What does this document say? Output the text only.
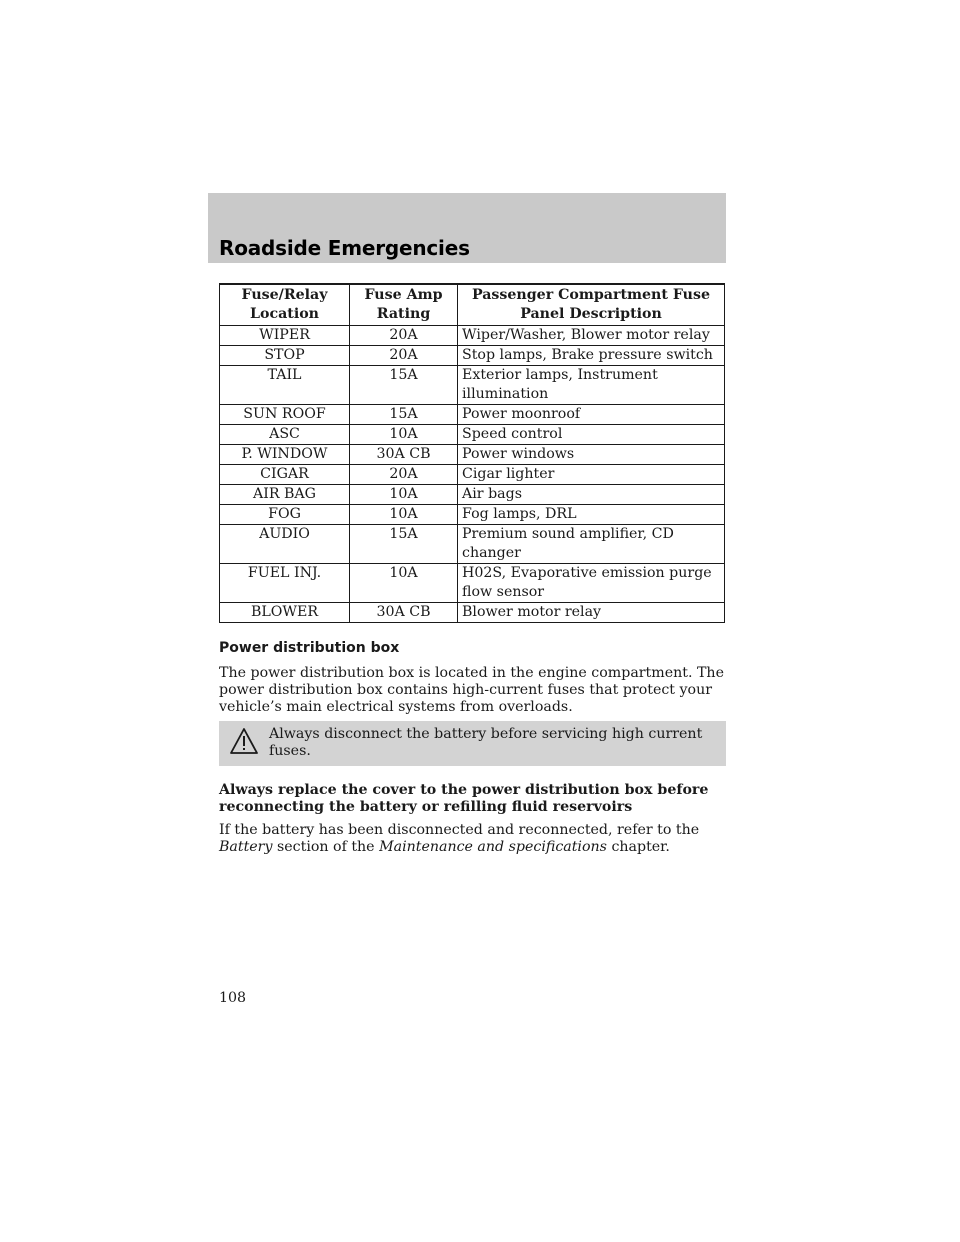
Roadside Emergencies
Fuse/Relay Location	Fuse Amp Rating	Passenger Compartment Fuse Panel Description
WIPER	20A	Wiper/Washer, Blower motor relay
STOP	20A	Stop lamps, Brake pressure switch
TAIL	15A	Exterior lamps, Instrument illumination
SUN ROOF	15A	Power moonroof
ASC	10A	Speed control
P. WINDOW	30A CB	Power windows
CIGAR	20A	Cigar lighter
AIR BAG	10A	Air bags
FOG	10A	Fog lamps, DRL
AUDIO	15A	Premium sound amplifier, CD changer
FUEL INJ.	10A	H02S, Evaporative emission purge flow sensor
BLOWER	30A CB	Blower motor relay
Power distribution box

The power distribution box is located in the engine compartment. The power distribution box contains high-current fuses that protect your vehicle’s main electrical systems from overloads.

Always disconnect the battery before servicing high current fuses.

Always replace the cover to the power distribution box before reconnecting the battery or refilling fluid reservoirs

If the battery has been disconnected and reconnected, refer to the Battery section of the Maintenance and specifications chapter.

108
